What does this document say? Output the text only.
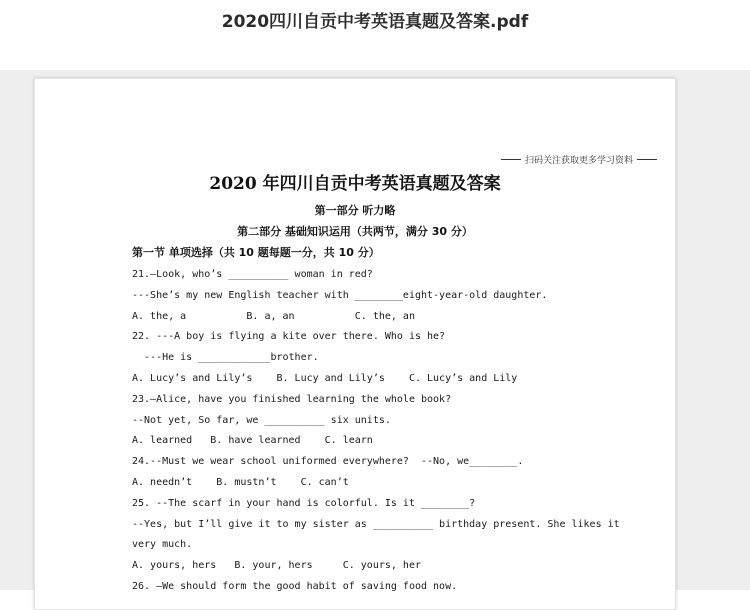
2020四川自贡中考英语真题及答案.pdf
扫码关注获取更多学习资料
2020 年四川自贡中考英语真题及答案
第一部分 听力略
第二部分 基础知识运用（共两节，满分 30 分）
第一节 单项选择（共 10 题每题一分，共 10 分）
21.—Look, who’s __________ woman in red?
---She’s my new English teacher with ________eight-year-old daughter.
A. the, a          B. a, an          C. the, an
22. ---A boy is flying a kite over there. Who is he?
---He is ____________brother.
A. Lucy’s and Lily’s    B. Lucy and Lily’s    C. Lucy’s and Lily
23.—Alice, have you finished learning the whole book?
--Not yet, So far, we __________ six units.
A. learned   B. have learned    C. learn
24.--Must we wear school uniformed everywhere?  --No, we________.
A. needn’t    B. mustn’t    C. can’t
25. --The scarf in your hand is colorful. Is it ________?
--Yes, but I’ll give it to my sister as __________ birthday present. She likes it
very much.
A. yours, hers   B. your, hers     C. yours, her
26. —We should form the good habit of saving food now.
